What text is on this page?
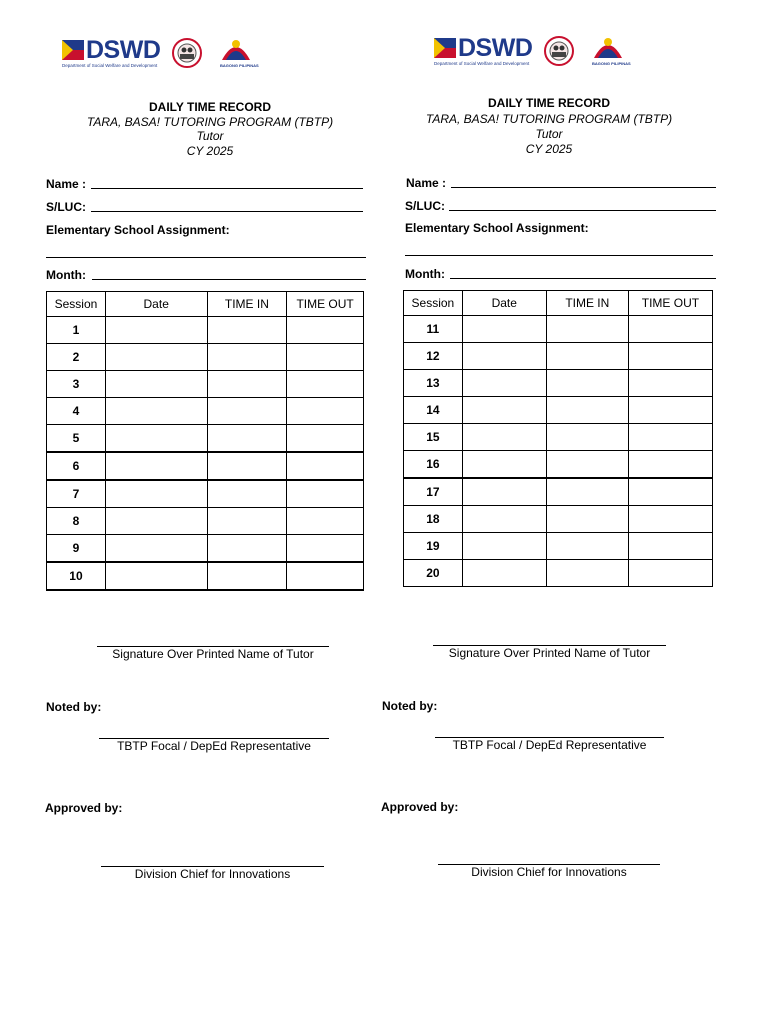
DSWD
Department of Social Welfare and Development	BAGONG PILIPINAS
DAILY TIME RECORD
TARA, BASA! TUTORING PROGRAM (TBTP)
Tutor
CY 2025
Name :
S/LUC:
Elementary School Assignment:
Month:
Session	Date	TIME IN	TIME OUT
1			
2			
3			
4			
5			
6			
7			
8			
9			
10			
Signature Over Printed Name of Tutor
Noted by:
TBTP Focal / DepEd Representative
Approved by:
Division Chief for Innovations
DSWD
Department of Social Welfare and Development	BAGONG PILIPINAS
DAILY TIME RECORD
TARA, BASA! TUTORING PROGRAM (TBTP)
Tutor
CY 2025
Name :
S/LUC:
Elementary School Assignment:
Month:
Session	Date	TIME IN	TIME OUT
11			
12			
13			
14			
15			
16			
17			
18			
19			
20			
Signature Over Printed Name of Tutor
Noted by:
TBTP Focal / DepEd Representative
Approved by:
Division Chief for Innovations
